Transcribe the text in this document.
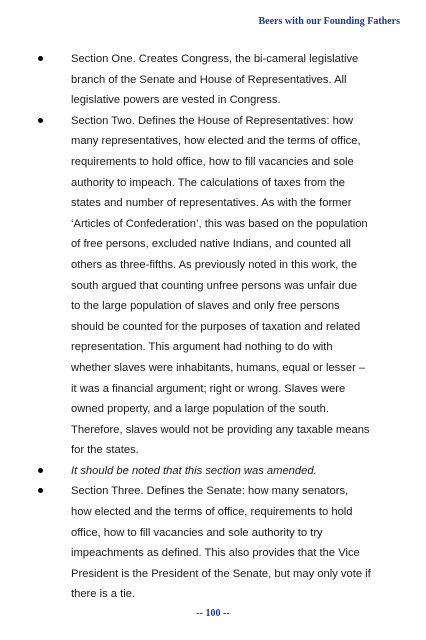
Beers with our Founding Fathers
Section One. Creates Congress, the bi-cameral legislative
branch of the Senate and House of Representatives. All
legislative powers are vested in Congress.
Section Two. Defines the House of Representatives: how
many representatives, how elected and the terms of office,
requirements to hold office, how to fill vacancies and sole
authority to impeach. The calculations of taxes from the
states and number of representatives. As with the former
‘Articles of Confederation’, this was based on the population
of free persons, excluded native Indians, and counted all
others as three-fifths. As previously noted in this work, the
south argued that counting unfree persons was unfair due
to the large population of slaves and only free persons
should be counted for the purposes of taxation and related
representation. This argument had nothing to do with
whether slaves were inhabitants, humans, equal or lesser –
it was a financial argument; right or wrong. Slaves were
owned property, and a large population of the south.
Therefore, slaves would not be providing any taxable means
for the states.
It should be noted that this section was amended.
Section Three. Defines the Senate: how many senators,
how elected and the terms of office, requirements to hold
office, how to fill vacancies and sole authority to try
impeachments as defined. This also provides that the Vice
President is the President of the Senate, but may only vote if
there is a tie.
-- 100 --
